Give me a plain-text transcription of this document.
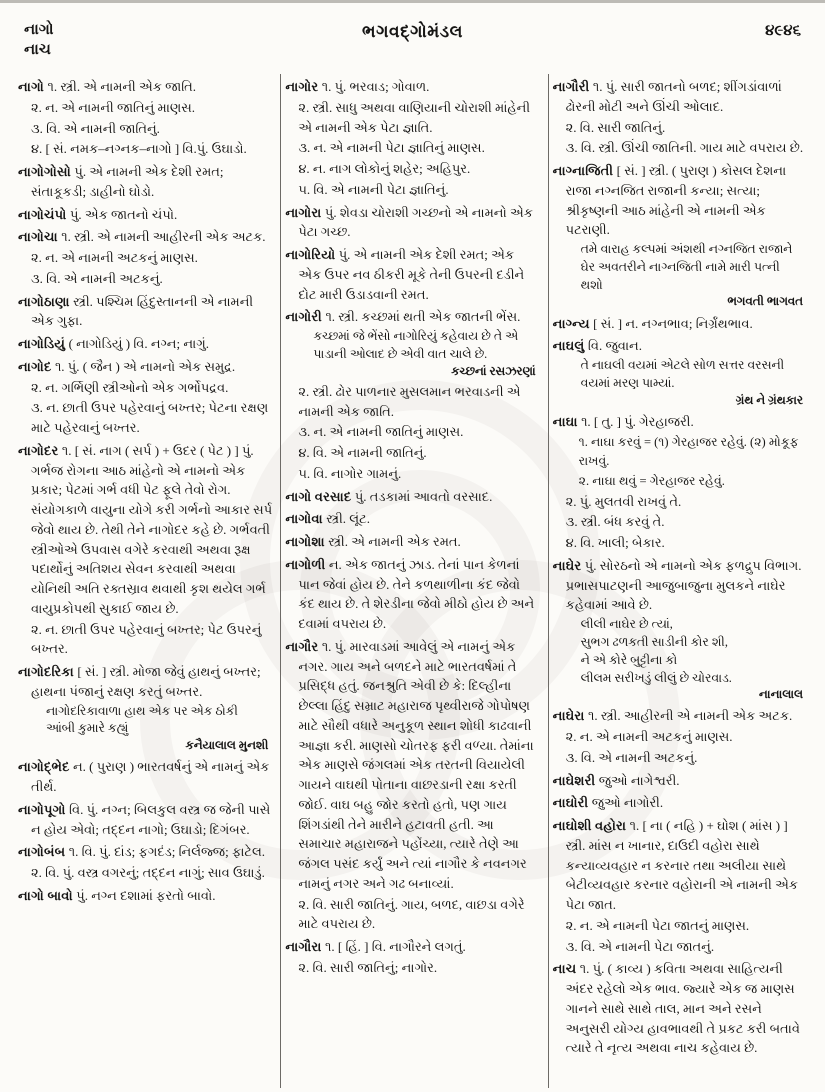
નાગો
નાચ
ભગવદ્ગોમંડલ	૪૯૪૬
નાગો ૧. સ્ત્રી. એ નામની એક જાતિ.
૨. ન. એ નામની જાતિનું માણસ.
૩. વિ. એ નામની જાતિનું.
૪. [ સં. નમક–નગ્નક–નાગો ] વિ.પું. ઉઘાડો.
નાગોગોસો પું. એ નામની એક દેશી રમત; સંતાકૂકડી; ડાહીનો ઘોડો.
નાગોચંપો પું. એક જાતનો ચંપો.
નાગોચા ૧. સ્ત્રી. એ નામની આહીરની એક અટક.
૨. ન. એ નામની અટકનું માણસ.
૩. વિ. એ નામની અટકનું.
નાગોઠાણા સ્ત્રી. પશ્ચિમ હિંદુસ્તાનની એ નામની એક ગુફા.
નાગોડિયું ( નાગોડિયું ) વિ. નગ્ન; નાગું.
નાગોદ ૧. પું. ( જૈન ) એ નામનો એક સમુદ્ર.
૨. ન. ગર્ભિણી સ્ત્રીઓનો એક ગર્ભોપદ્રવ.
૩. ન. છાતી ઉપર પહેરવાનું બખ્તર; પેટના રક્ષણ માટે પહેરવાનું બખ્તર.
નાગોદર ૧. [ સં. નાગ ( સર્પ ) + ઉદર ( પેટ ) ] પું. ગર્ભજ રોગના આઠ માંહેનો એ નામનો એક પ્રકાર; પેટમાં ગર્ભ વધી પેટ ફૂલે તેવો રોગ. સંયોગકાળે વાયુના યોગે કરી ગર્ભનો આકાર સર્પ જેવો થાય છે. તેથી તેને નાગોદર કહે છે. ગર્ભવતી સ્ત્રીઓએ ઉપવાસ વગેરે કરવાથી અથવા રૂક્ષ પદાર્થોનું અતિશય સેવન કરવાથી અથવા યોનિથી અતિ રક્તસ્રાવ થવાથી કૃશ થયેલ ગર્ભ વાયુપ્રકોપથી સુકાઈ જાય છે.
૨. ન. છાતી ઉપર પહેરવાનું બખ્તર; પેટ ઉપરનું બખ્તર.
નાગોદરિકા [ સં. ] સ્ત્રી. મોજા જેવું હાથનું બખ્તર; હાથના પંજાનું રક્ષણ કરતું બખ્તર.
નાગોદરિકાવાળા હાથ એક પર એક ઠોકી આંબી કુમારે કહ્યું
કનૈયાલાલ મુનશી
નાગોદ્ભેદ ન. ( પુરાણ ) ભારતવર્ષનું એ નામનું એક તીર્થ.
નાગોપૂગો વિ. પું. નગ્ન; બિલકુલ વસ્ત્ર જ જેની પાસે ન હોય એવો; તદ્દન નાગો; ઉઘાડો; દિગંબર.
નાગોબંબ ૧. વિ. પું. દાંડ; ફગદંડ; નિર્લજ્જ; ફાટેલ.
૨. વિ. પું. વસ્ત્ર વગરનું; તદ્દન નાગું; સાવ ઉઘાડું.
નાગો બાવો પું. નગ્ન દશામાં ફરતો બાવો.
નાગોર ૧. પું. ભરવાડ; ગોવાળ.
૨. સ્ત્રી. સાધુ અથવા વાણિયાની ચોરાશી માંહેની એ નામની એક પેટા જ્ઞાતિ.
૩. ન. એ નામની પેટા જ્ઞાતિનું માણસ.
૪. ન. નાગ લોકોનું શહેર; અહિપુર.
૫. વિ. એ નામની પેટા જ્ઞાતિનું.
નાગોરા પું. શેવડા ચોરાશી ગચ્છનો એ નામનો એક પેટા ગચ્છ.
નાગોરિયો પું. એ નામની એક દેશી રમત; એક એક ઉપર નવ ઠીકરી મૂકે તેની ઉપરની દડીને દોટ મારી ઉડાડવાની રમત.
નાગોરી ૧. સ્ત્રી. કચ્છમાં થતી એક જાતની ભેંસ.
કચ્છમાં જે ભેંસો નાગોરિયું કહેવાય છે તે એ પાડાની ઓલાદ છે એવી વાત ચાલે છે.
કચ્છનાં રસઝરણાં
૨. સ્ત્રી. ઢોર પાળનાર મુસલમાન ભરવાડની એ નામની એક જાતિ.
૩. ન. એ નામની જાતિનું માણસ.
૪. વિ. એ નામની જાતિનું.
૫. વિ. નાગોર ગામનું.
નાગો વરસાદ પું. તડકામાં આવતો વરસાદ.
નાગોવા સ્ત્રી. લૂંટ.
નાગોશા સ્ત્રી. એ નામની એક રમત.
નાગોળી ન. એક જાતનું ઝાડ. તેનાં પાન કેળનાં પાન જેવાં હોય છે. તેને કળથાળીના કંદ જેવો કંદ થાય છે. તે શેરડીના જેવો મીઠો હોય છે અને દવામાં વપરાય છે.
નાગૌર ૧. પું. મારવાડમાં આવેલું એ નામનું એક નગર. ગાય અને બળદને માટે ભારતવર્ષમાં તે પ્રસિદ્ધ હતું. જનશ્રુતિ એવી છે કે: દિલ્હીના છેલ્લા હિંદુ સમ્રાટ મહારાજ પૃથ્વીરાજે ગોપોષણ માટે સૌથી વધારે અનુકૂળ સ્થાન શોધી કાઢવાની આજ્ઞા કરી. માણસો ચોતરફ ફરી વળ્યા. તેમાંના એક માણસે જંગલમાં એક તરતની વિયાયેલી ગાયને વાઘથી પોતાના વાછરડાની રક્ષા કરતી જોઈ. વાઘ બહુ જોર કરતો હતો, પણ ગાય શિંગડાંથી તેને મારીને હટાવતી હતી. આ સમાચાર મહારાજને પહોંચ્યા, ત્યારે તેણે આ જંગલ પસંદ કર્યું અને ત્યાં નાગૌર કે નવનગર નામનું નગર અને ગઢ બનાવ્યાં.
૨. વિ. સારી જાતિનું. ગાય, બળદ, વાછડા વગેરે માટે વપરાય છે.
નાગૌરા ૧. [ હિં. ] વિ. નાગૌરને લગતું.
૨. વિ. સારી જાતિનું; નાગોર.
નાગૌરી ૧. પું. સારી જાતનો બળદ; શીંગડાંવાળાં ઢોરની મોટી અને ઊંચી ઓલાદ.
૨. વિ. સારી જાતિનું.
૩. વિ. સ્ત્રી. ઊંચી જાતિની. ગાય માટે વપરાય છે.
નાગ્નાજિતી [ સં. ] સ્ત્રી. ( પુરાણ ) કોસલ દેશના રાજા નગ્નજિત રાજાની કન્યા; સત્યા; શ્રીકૃષ્ણની આઠ માંહેની એ નામની એક પટરાણી.
તમે વારાહ કલ્પમાં અંશથી નગ્નજિત રાજાને ઘેર અવતરીને નાગ્નજિતી નામે મારી પત્ની થશો
ભગવતી ભાગવત
નાગ્ન્ય [ સં. ] ન. નગ્નભાવ; નિર્ગ્રંથભાવ.
નાઘલું વિ. જુવાન.
તે નાઘલી વયમાં એટલે સોળ સત્તર વરસની વયમાં મરણ પામ્યાં.
ગ્રંથ ને ગ્રંથકાર
નાઘા ૧. [ તુ. ] પું. ગેરહાજરી.
૧. નાઘા કરવું = (૧) ગેરહાજર રહેવું. (૨) મોકૂફ રાખવું.
૨. નાઘા થવું = ગેરહાજર રહેવું.
૨. પું. મુલતવી રાખવું તે.
૩. સ્ત્રી. બંધ કરવું તે.
૪. વિ. ખાલી; બેકાર.
નાઘેર પું. સોરઠનો એ નામનો એક ફળદ્રુપ વિભાગ. પ્રભાસપાટણની આજુબાજુના મુલકને નાઘેર કહેવામાં આવે છે.
લીલી નાઘેર છે ત્યાં,
સુભગ ઢળકતી સાડીની કોર શી,
ને એ કોરે બુટ્ટીના કો
લીલમ સરીખડું લીલું છે ચોરવાડ.
નાનાલાલ
નાઘેરા ૧. સ્ત્રી. આહીરની એ નામની એક અટક.
૨. ન. એ નામની અટકનું માણસ.
૩. વિ. એ નામની અટકનું.
નાઘેશરી જુઓ નાગેશ્વરી.
નાઘોરી જુઓ નાગોરી.
નાઘોશી વહોરા ૧. [ ના ( નહિ ) + ઘોશ ( માંસ ) ] સ્ત્રી. માંસ ન ખાનાર, દાઉદી વહોરા સાથે કન્યાવ્યવહાર ન કરનાર તથા અલીયા સાથે બેટીવ્યવહાર કરનાર વહોરાની એ નામની એક પેટા જાત.
૨. ન. એ નામની પેટા જાતનું માણસ.
૩. વિ. એ નામની પેટા જાતનું.
નાચ ૧. પું. ( કાવ્ય ) કવિતા અથવા સાહિત્યની અંદર રહેલો એક ભાવ. જ્યારે એક જ માણસ ગાનને સાથે સાથે તાલ, માન અને રસને અનુસરી યોગ્ય હાવભાવથી તે પ્રકટ કરી બતાવે ત્યારે તે નૃત્ય અથવા નાચ કહેવાય છે.
